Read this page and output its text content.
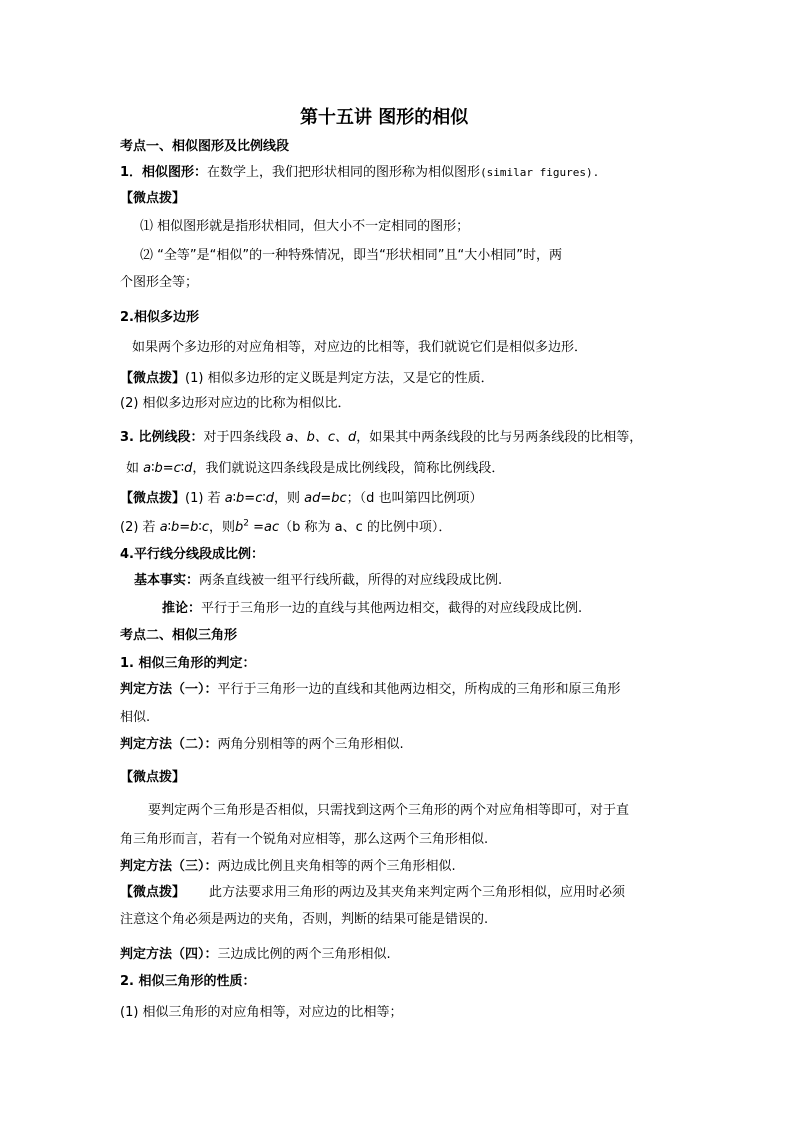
第十五讲 图形的相似
考点一、相似图形及比例线段
1．相似图形：在数学上，我们把形状相同的图形称为相似图形(similar figures).
【微点拨】
⑴ 相似图形就是指形状相同，但大小不一定相同的图形；
⑵ “全等”是“相似”的一种特殊情况，即当“形状相同”且“大小相同”时，两
个图形全等；
2.相似多边形
如果两个多边形的对应角相等，对应边的比相等，我们就说它们是相似多边形．
【微点拨】(1) 相似多边形的定义既是判定方法，又是它的性质．
(2) 相似多边形对应边的比称为相似比．
3. 比例线段：对于四条线段 a、b、c、d，如果其中两条线段的比与另两条线段的比相等，
如 a∶b=c∶d，我们就说这四条线段是成比例线段，简称比例线段．
【微点拨】(1) 若 a∶b=c∶d，则 ad=bc；（d 也叫第四比例项）
(2) 若 a∶b=b∶c，则$b^2 =ac(b$ 称为 a、c 的比例中项）．
4.平行线分线段成比例：
基本事实：两条直线被一组平行线所截，所得的对应线段成比例.
推论：平行于三角形一边的直线与其他两边相交，截得的对应线段成比例.
考点二、相似三角形
1. 相似三角形的判定：
判定方法（一）：平行于三角形一边的直线和其他两边相交，所构成的三角形和原三角形
相似.
判定方法（二）：两角分别相等的两个三角形相似.
【微点拨】
要判定两个三角形是否相似，只需找到这两个三角形的两个对应角相等即可，对于直
角三角形而言，若有一个锐角对应相等，那么这两个三角形相似.
判定方法（三）：两边成比例且夹角相等的两个三角形相似.
【微点拨】 此方法要求用三角形的两边及其夹角来判定两个三角形相似，应用时必须
注意这个角必须是两边的夹角，否则，判断的结果可能是错误的.
判定方法（四）：三边成比例的两个三角形相似.
2. 相似三角形的性质：
(1) 相似三角形的对应角相等，对应边的比相等；
